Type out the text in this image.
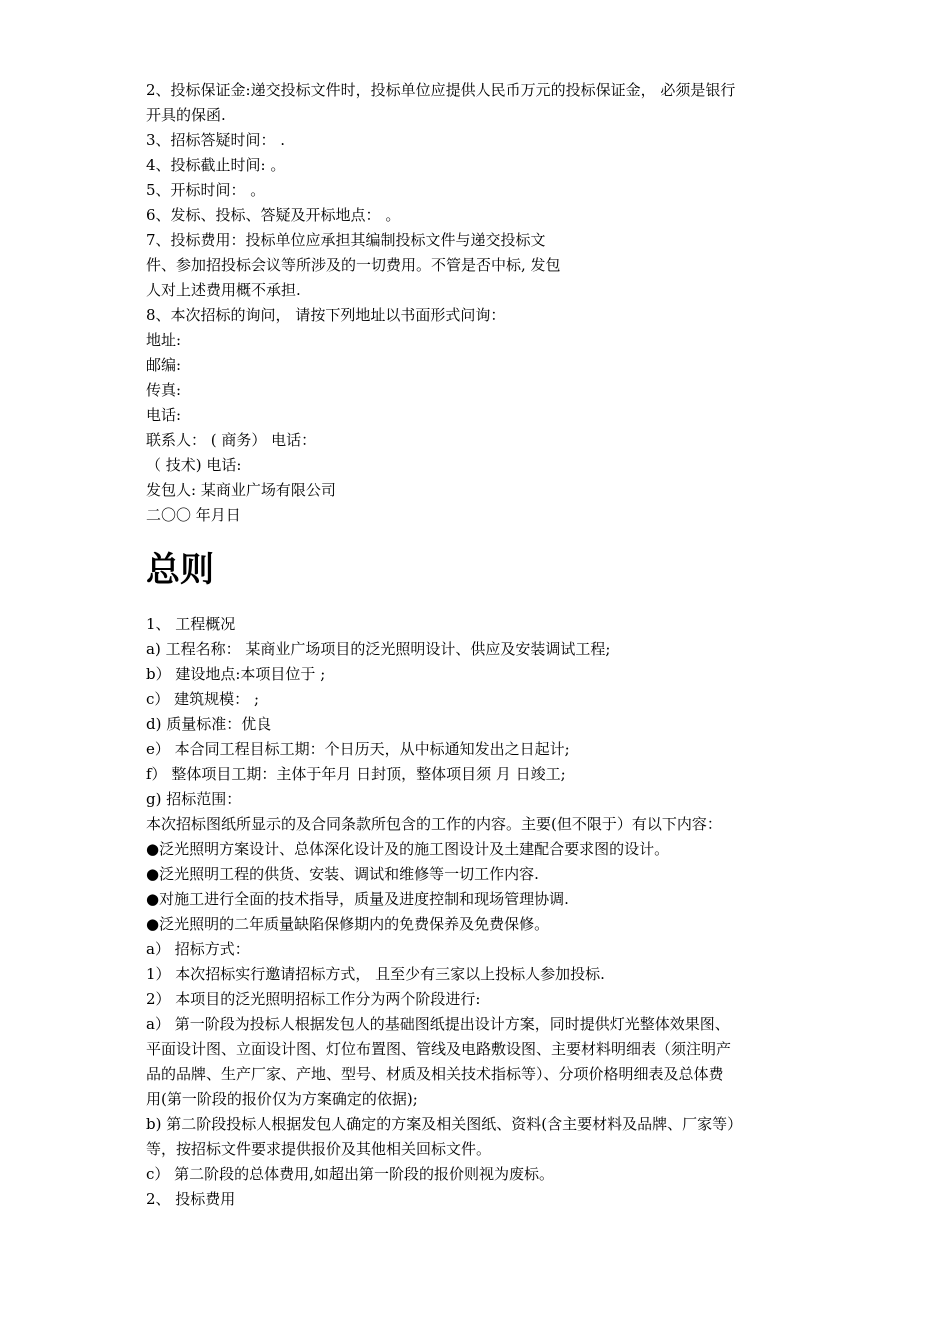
2、投标保证金:递交投标文件时，投标单位应提供人民币万元的投标保证金， 必须是银行
开具的保函.
3、招标答疑时间： .
4、投标截止时间: 。
5、开标时间： 。
6、发标、投标、答疑及开标地点： 。
7、投标费用：投标单位应承担其编制投标文件与递交投标文
件、参加招投标会议等所涉及的一切费用。不管是否中标, 发包
人对上述费用概不承担.
8、本次招标的询问， 请按下列地址以书面形式问询：
地址:
邮编:
传真:
电话:
联系人： ( 商务） 电话：
（ 技术) 电话:
发包人: 某商业广场有限公司
二〇〇 年月日
总则
1、 工程概况
a) 工程名称： 某商业广场项目的泛光照明设计、供应及安装调试工程;
b） 建设地点:本项目位于 ;
c） 建筑规模： ;
d) 质量标准：优良
e） 本合同工程目标工期：个日历天，从中标通知发出之日起计;
f） 整体项目工期：主体于年月 日封顶，整体项目须 月 日竣工;
g) 招标范围：
本次招标图纸所显示的及合同条款所包含的工作的内容。主要(但不限于）有以下内容：
●泛光照明方案设计、总体深化设计及的施工图设计及土建配合要求图的设计。
●泛光照明工程的供货、安装、调试和维修等一切工作内容.
●对施工进行全面的技术指导，质量及进度控制和现场管理协调.
●泛光照明的二年质量缺陷保修期内的免费保养及免费保修。
a） 招标方式：
1） 本次招标实行邀请招标方式， 且至少有三家以上投标人参加投标.
2） 本项目的泛光照明招标工作分为两个阶段进行:
a） 第一阶段为投标人根据发包人的基础图纸提出设计方案，同时提供灯光整体效果图、
平面设计图、立面设计图、灯位布置图、管线及电路敷设图、主要材料明细表（须注明产
品的品牌、生产厂家、产地、型号、材质及相关技术指标等）、分项价格明细表及总体费
用(第一阶段的报价仅为方案确定的依据);
b) 第二阶段投标人根据发包人确定的方案及相关图纸、资料(含主要材料及品牌、厂家等）
等，按招标文件要求提供报价及其他相关回标文件。
c） 第二阶段的总体费用,如超出第一阶段的报价则视为废标。
2、 投标费用
